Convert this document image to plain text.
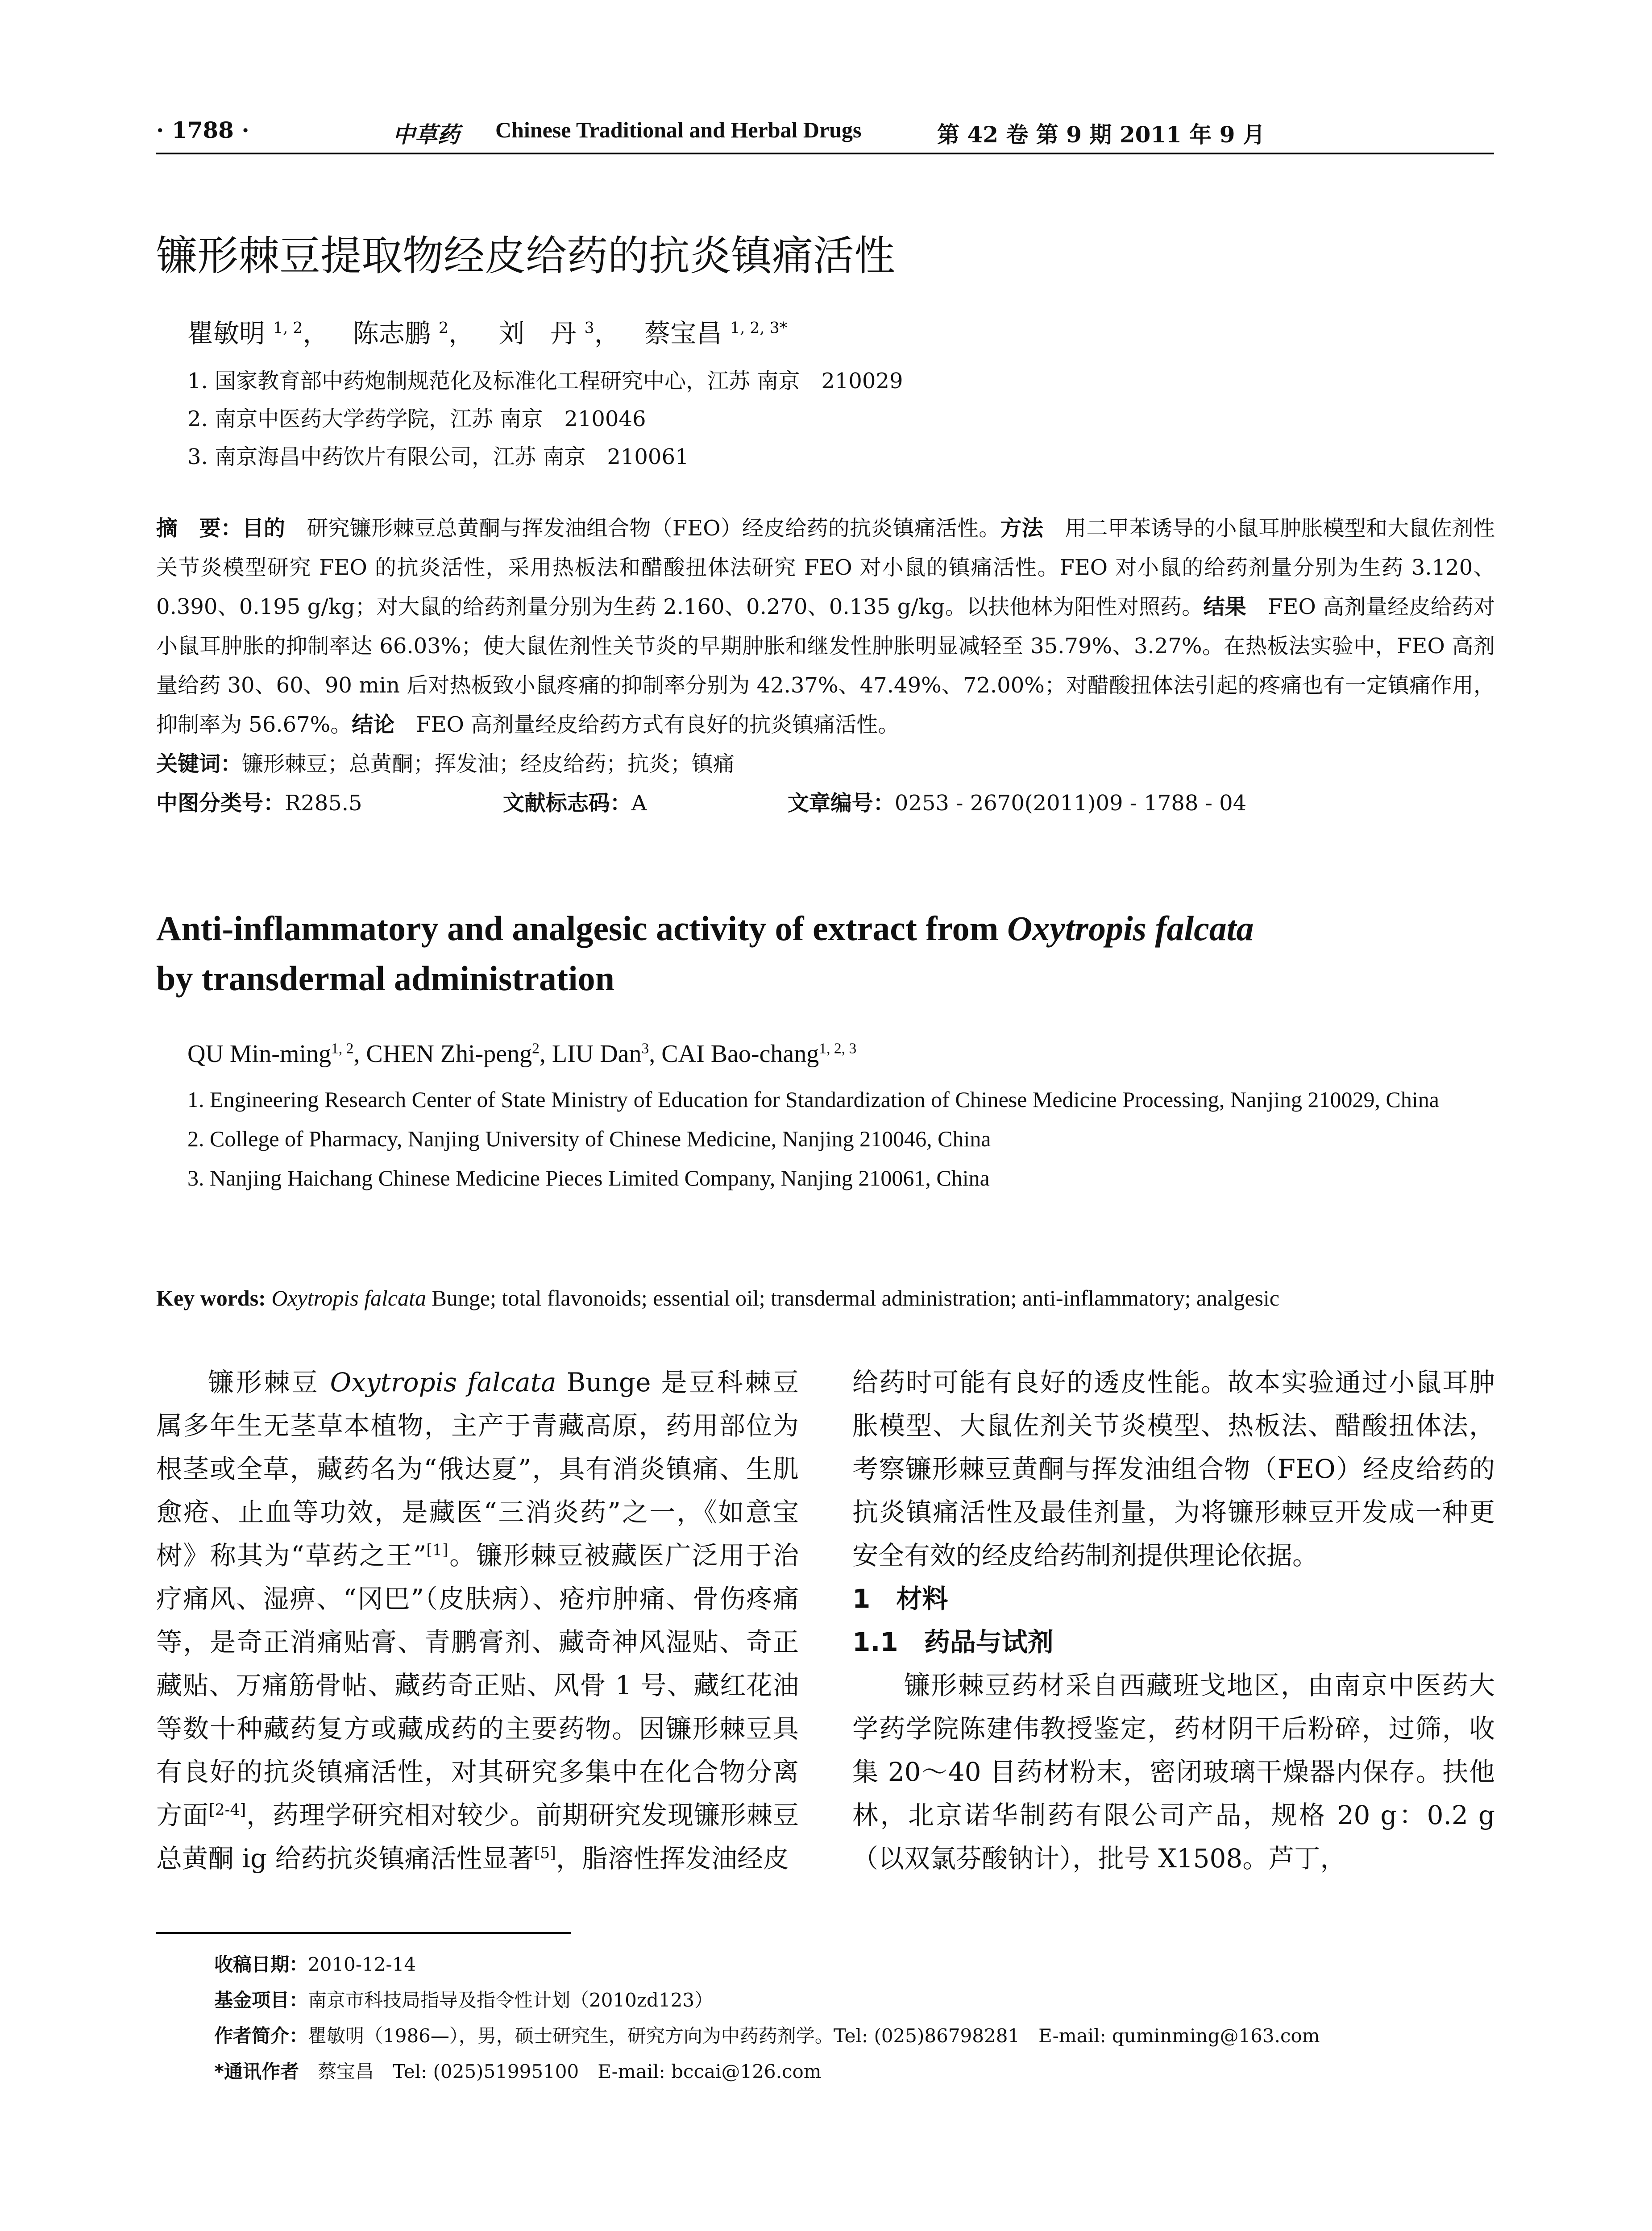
· 1788 ·	中草药 Chinese Traditional and Herbal Drugs	第 42 卷 第 9 期 2011 年 9 月
镰形棘豆提取物经皮给药的抗炎镇痛活性
瞿敏明 $^{1, 2}$， 陈志鹏 $^2$， 刘　丹 $^3$， 蔡宝昌 $^{1, 2, 3*}$
1. 国家教育部中药炮制规范化及标准化工程研究中心，江苏 南京　210029
2. 南京中医药大学药学院，江苏 南京　210046
3. 南京海昌中药饮片有限公司，江苏 南京　210061

摘　要：目的　研究镰形棘豆总黄酮与挥发油组合物（FEO）经皮给药的抗炎镇痛活性。方法　用二甲苯诱导的小鼠耳肿胀模型和大鼠佐剂性关节炎模型研究 FEO 的抗炎活性，采用热板法和醋酸扭体法研究 FEO 对小鼠的镇痛活性。FEO 对小鼠的给药剂量分别为生药 3.120、0.390、0.195 g/kg；对大鼠的给药剂量分别为生药 2.160、0.270、0.135 g/kg。以扶他林为阳性对照药。结果　FEO 高剂量经皮给药对小鼠耳肿胀的抑制率达 66.03%；使大鼠佐剂性关节炎的早期肿胀和继发性肿胀明显减轻至 35.79%、3.27%。在热板法实验中，FEO 高剂量给药 30、60、90 min 后对热板致小鼠疼痛的抑制率分别为 42.37%、47.49%、72.00%；对醋酸扭体法引起的疼痛也有一定镇痛作用，抑制率为 56.67%。结论　FEO 高剂量经皮给药方式有良好的抗炎镇痛活性。

关键词：镰形棘豆；总黄酮；挥发油；经皮给药；抗炎；镇痛
中图分类号：R285.5	文献标志码：A	文章编号：0253 - 2670(2011)09 - 1788 - 04
Anti-inflammatory and analgesic activity of extract from Oxytropis falcata
by transdermal administration
QU Min-ming$^{1, 2}$, CHEN Zhi-peng$^2$, LIU Dan$^3$, CAI Bao-chang$^{1, 2, 3}$

1. Engineering Research Center of State Ministry of Education for Standardization of Chinese Medicine Processing, Nanjing 210029, China

2. College of Pharmacy, Nanjing University of Chinese Medicine, Nanjing 210046, China

3. Nanjing Haichang Chinese Medicine Pieces Limited Company, Nanjing 210061, China

Key words: Oxytropis falcata Bunge; total flavonoids; essential oil; transdermal administration; anti-inflammatory; analgesic

镰形棘豆 Oxytropis falcata Bunge 是豆科棘豆属多年生无茎草本植物，主产于青藏高原，药用部位为根茎或全草，藏药名为“俄达夏”，具有消炎镇痛、生肌愈疮、止血等功效，是藏医“三消炎药”之一，《如意宝树》称其为“草药之王”[1]。镰形棘豆被藏医广泛用于治疗痛风、湿痹、“冈巴”（皮肤病）、疮疖肿痛、骨伤疼痛等，是奇正消痛贴膏、青鹏膏剂、藏奇神风湿贴、奇正藏贴、万痛筋骨帖、藏药奇正贴、风骨 1 号、藏红花油等数十种藏药复方或藏成药的主要药物。因镰形棘豆具有良好的抗炎镇痛活性，对其研究多集中在化合物分离方面[2-4]，药理学研究相对较少。前期研究发现镰形棘豆总黄酮 ig 给药抗炎镇痛活性显著[5]，脂溶性挥发油经皮

给药时可能有良好的透皮性能。故本实验通过小鼠耳肿胀模型、大鼠佐剂关节炎模型、热板法、醋酸扭体法，考察镰形棘豆黄酮与挥发油组合物（FEO）经皮给药的抗炎镇痛活性及最佳剂量，为将镰形棘豆开发成一种更安全有效的经皮给药制剂提供理论依据。

1　材料
1.1　药品与试剂

镰形棘豆药材采自西藏班戈地区，由南京中医药大学药学院陈建伟教授鉴定，药材阴干后粉碎，过筛，收集 20～40 目药材粉末，密闭玻璃干燥器内保存。扶他林，北京诺华制药有限公司产品，规格 20 g：0.2 g（以双氯芬酸钠计），批号 X1508。芦丁，

收稿日期：2010-12-14
基金项目：南京市科技局指导及指令性计划（2010zd123）
作者简介：瞿敏明（1986—），男，硕士研究生，研究方向为中药药剂学。Tel: (025)86798281　E-mail: quminming@163.com
*通讯作者　蔡宝昌　Tel: (025)51995100　E-mail: bccai@126.com
